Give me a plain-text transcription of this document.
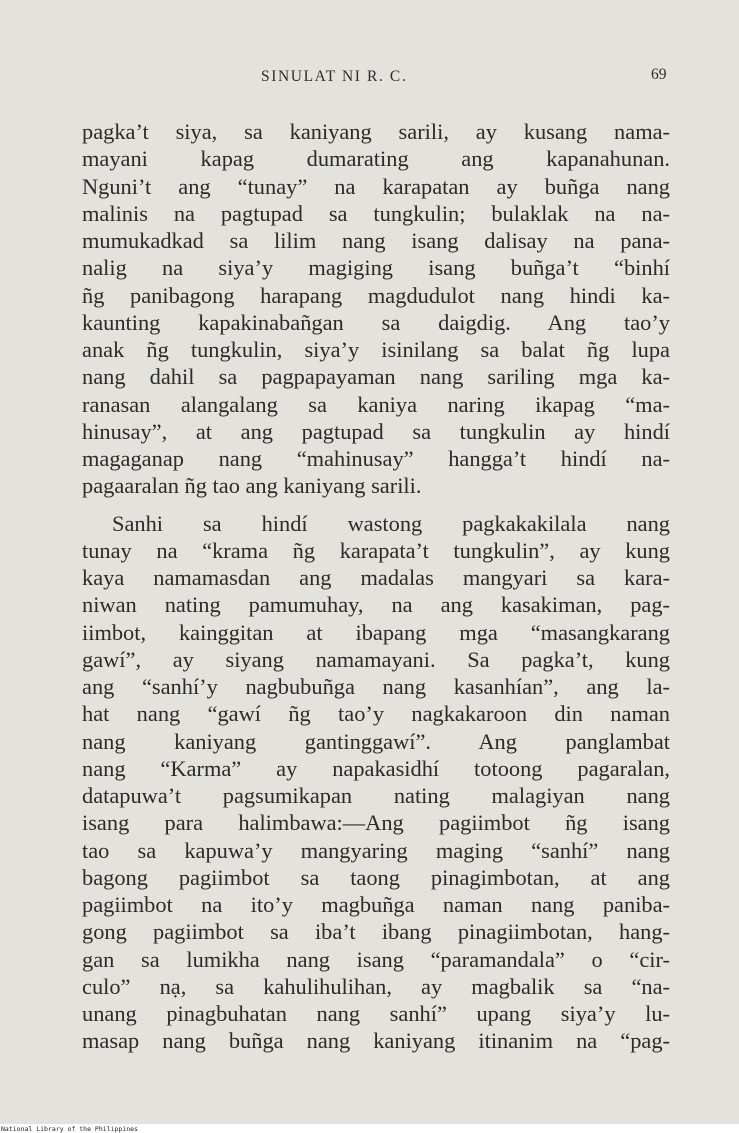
SINULAT NI R. C.	69
pagka’t siya, sa kaniyang sarili, ay kusang nama-
mayani kapag dumarating ang kapanahunan.
Nguni’t ang “tunay” na karapatan ay buñga nang
malinis na pagtupad sa tungkulin; bulaklak na na-
mumukadkad sa lilim nang isang dalisay na pana-
nalig na siya’y magiging isang buñga’t “binhí
ñg panibagong harapang magdudulot nang hindi ka-
kaunting kapakinabañgan sa daigdig. Ang tao’y
anak ñg tungkulin, siya’y isinilang sa balat ñg lupa
nang dahil sa pagpapayaman nang sariling mga ka-
ranasan alangalang sa kaniya naring ikapag “ma-
hinusay”, at ang pagtupad sa tungkulin ay hindí
magaganap nang “mahinusay” hangga’t hindí na-
pagaaralan ñg tao ang kaniyang sarili.
Sanhi sa hindí wastong pagkakakilala nang
tunay na “krama ñg karapata’t tungkulin”, ay kung
kaya namamasdan ang madalas mangyari sa kara-
niwan nating pamumuhay, na ang kasakiman, pag-
iimbot, kainggitan at ibapang mga “masangkarang
gawí”, ay siyang namamayani. Sa pagka’t, kung
ang “sanhí’y nagbubuñga nang kasanhían”, ang la-
hat nang “gawí ñg tao’y nagkakaroon din naman
nang kaniyang gantinggawí”. Ang panglambat
nang “Karma” ay napakasidhí totoong pagaralan,
datapuwa’t pagsumikapan nating malagiyan nang
isang para halimbawa:—Ang pagiimbot ñg isang
tao sa kapuwa’y mangyaring maging “sanhí” nang
bagong pagiimbot sa taong pinagimbotan, at ang
pagiimbot na ito’y magbuñga naman nang paniba-
gong pagiimbot sa iba’t ibang pinagiimbotan, hang-
gan sa lumikha nang isang “paramandala” o “cir-
culo” nạ, sa kahulihulihan, ay magbalik sa “na-
unang pinagbuhatan nang sanhí” upang siya’y lu-
masap nang buñga nang kaniyang itinanim na “pag-
National Library of the Philippines
